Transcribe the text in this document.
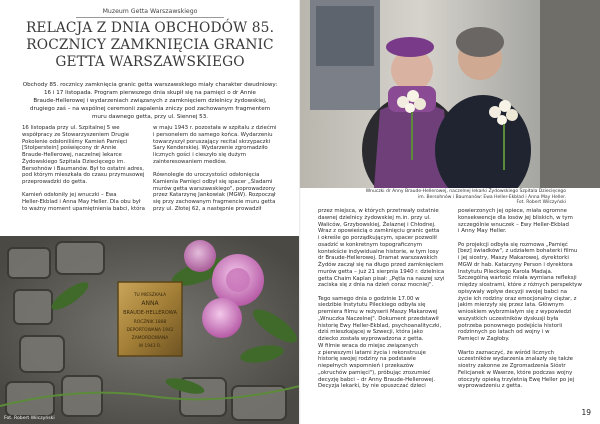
Muzeum Getta Warszawskiego
RELACJA Z DNIA OBCHODÓW 85.
ROCZNICY ZAMKNIĘCIA GRANIC
GETTA WARSZAWSKIEGO
Obchody 85. rocznicy zamknięcia granic getta warszawskiego miały charakter dwudniowy:
16 i 17 listopada. Program pierwszego dnia skupił się na pamięci o dr Annie
Braude-Hellerowej i wydarzeniach związanych z zamknięciem dzielnicy żydowskiej,
drugiego zaś – na wspólnej ceremonii zapalenia zniczy pod zachowanym fragmentem
muru dawnego getta, przy ul. Siennej 53.

16 listopada przy ul. Szpitalnej 5 we
współpracy ze Stowarzyszeniem Drugie
Pokolenie odsłoniliśmy Kamień Pamięci
[Stolperstein] poświęcony dr Annie
Braude-Hellerowej, naczelnej lekarce
Żydowskiego Szpitala Dziecięcego im.
Bersohnów i Baumanów. Był to ostatni adres,
pod którym mieszkała do czasu przymusowej
przeprowadzki do getta.

Kamień odsłoniły jej wnuczki – Ewa
Heller-Ekblad i Anna May Heller. Dla obu był
to ważny moment upamiętnienia babci, która

w maju 1943 r. pozostała w szpitalu z dziećmi
i personelem do samego końca. Wydarzeniu
towarzyszył poruszający recital skrzypaczki
Sary Kenderskiej. Wydarzenie zgromadziło
licznych gości i cieszyło się dużym
zainteresowaniem mediów.

Równolegle do uroczystości odsłonięcia
Kamienia Pamięci odbył się spacer „Śladami
murów getta warszawskiego", poprowadzony
przez Katarzynę Jankowiak (MGW). Rozpoczął
się przy zachowanym fragmencie muru getta
przy ul. Złotej 62, a następnie prowadził

TU MIESZKAŁA
ANNA
BRAUDE-HELLEROWA
ROCZNIK 1888
DEPORTOWANA 1942
ZAMORDOWANA
W 1943 R.
Fot. Robert Wilczyński
Wnuczki dr Anny Braude-Hellerowej, naczelnej lekarki Żydowskiego Szpitala Dziecięcego
im. Bersohnów i Baumanów: Ewa Heller-Ekblad i Anna May Heller.
Fot. Robert Wilczyński

przez miejsca, w których przetrwały ostatnie
dawnej dzielnicy żydowskiej m.in. przy ul.
Waliców, Grzybowskiej, Żelaznej i Chłodnej.
Wraz z opowieścią o zamknięciu granic getta
i określe go porządkującym, spacer pozwolił
osadzić w konkretnym topograficznym
kontekście indywidualne historie, w tym losy
dr Braude-Hellerowej. Dramat warszawskich
Żydów zaczął się na długo przed zamknięciem
murów getta – już 21 sierpnia 1940 r. dzielnica
getta Chaim Kaplan pisał: „Pętla na naszej szyi
zaciska się z dnia na dzień coraz mocniej".

Tego samego dnia o godzinie 17.00 w
siedzibie Instytutu Pileckiego odbyła się
premiera filmu w reżyserii Maszy Makarowej
„Wnuczka Naczelnej". Dokument przedstawił
historię Ewy Heller-Ekblad, psychoanalityczki,
dziś mieszkającej w Szwecji, która jako
dziecko została wyprowadzona z getta.
W filmie wraca do miejsc związanych
z pierwszymi latami życia i rekonstruuje
historię swojej rodziny na podstawie
niepełnych wspomnień i przekazów
„okruchów pamięci"), próbując zrozumieć
decyzję babci – dr Anny Braude-Hellerowej.
Decyzja lekarki, by nie opuszczać dzieci

powierzonych jej opiece, miała ogromne
konsekwencje dla losów jej bliskich, w tym
szczególnie wnuczek – Ewy Heller-Ekblad
i Anny May Heller.

Po projekcji odbyła się rozmowa „Pamięć
[bez] świadków", z udziałem bohaterki filmu
i jej siostry, Maszy Makarowej, dyrektorki
MGW dr hab. Katarzyny Person i dyrektora
Instytutu Pileckiego Karola Madaja.
Szczególną wartość miała wymiana refleksji
między siostrami, które z różnych perspektyw
opisywały wpływ decyzji swojej babci na
życie ich rodziny oraz emocjonalny ciężar, z
jakim mierzyły się przez lata. Głównym
wnioskiem wybrzmiałym się z wypowiedzi
wszystkich uczestników dyskusji była
potrzeba ponownego podejścia historii
rodzinnych po latach od wojny i w
Pamięci w Zagłoby.

Warto zaznaczyć, że wśród licznych
uczestników wydarzenia znalazły się także
siostry zakonne ze Zgromadzenia Sióstr
Felicjanek w Wawrze, które podczas wojny
otoczyły opieką trzyletnią Ewę Heller po jej
wyprowadzeniu z getta.

19
